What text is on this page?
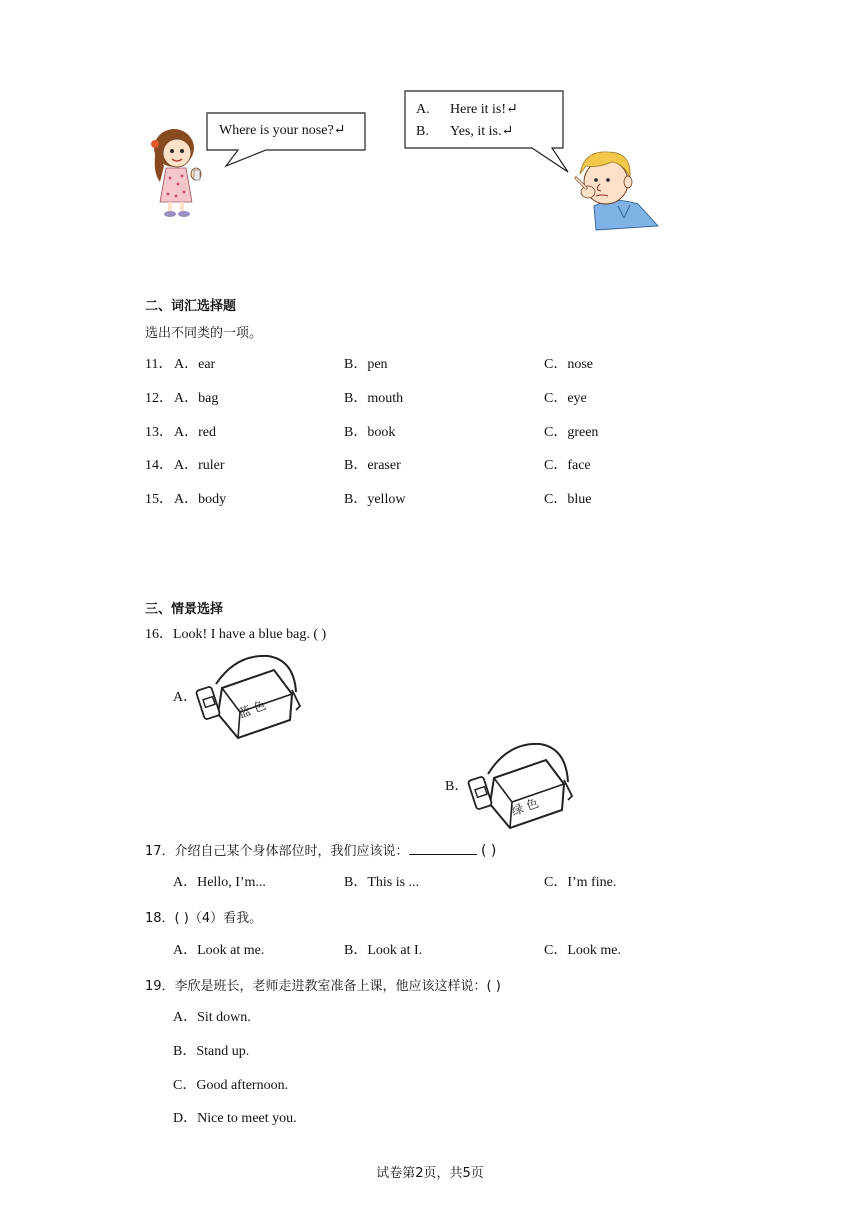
Where is your nose?↵
A. Here it is!↵
B. Yes, it is.↵
二、词汇选择题
选出不同类的一项。
11． A．ear	B．pen	C．nose
12． A．bag	B．mouth	C．eye
13． A．red	B．book	C．green
14． A．ruler	B．eraser	C．face
15． A．body	B．yellow	C．blue
三、情景选择
16．Look! I have a blue bag. ( )
A．
蓝 色
B．
绿 色
17．介绍自己某个身体部位时，我们应该说：	( )
A．Hello, I’m...	B．This is ...	C．I’m fine.
18．( )（4）看我。
A．Look at me.	B．Look at I.	C．Look me.
19．李欣是班长，老师走进教室准备上课，他应该这样说：( )
A．Sit down.
B．Stand up.
C．Good afternoon.
D．Nice to meet you.
试卷第2页，共5页
